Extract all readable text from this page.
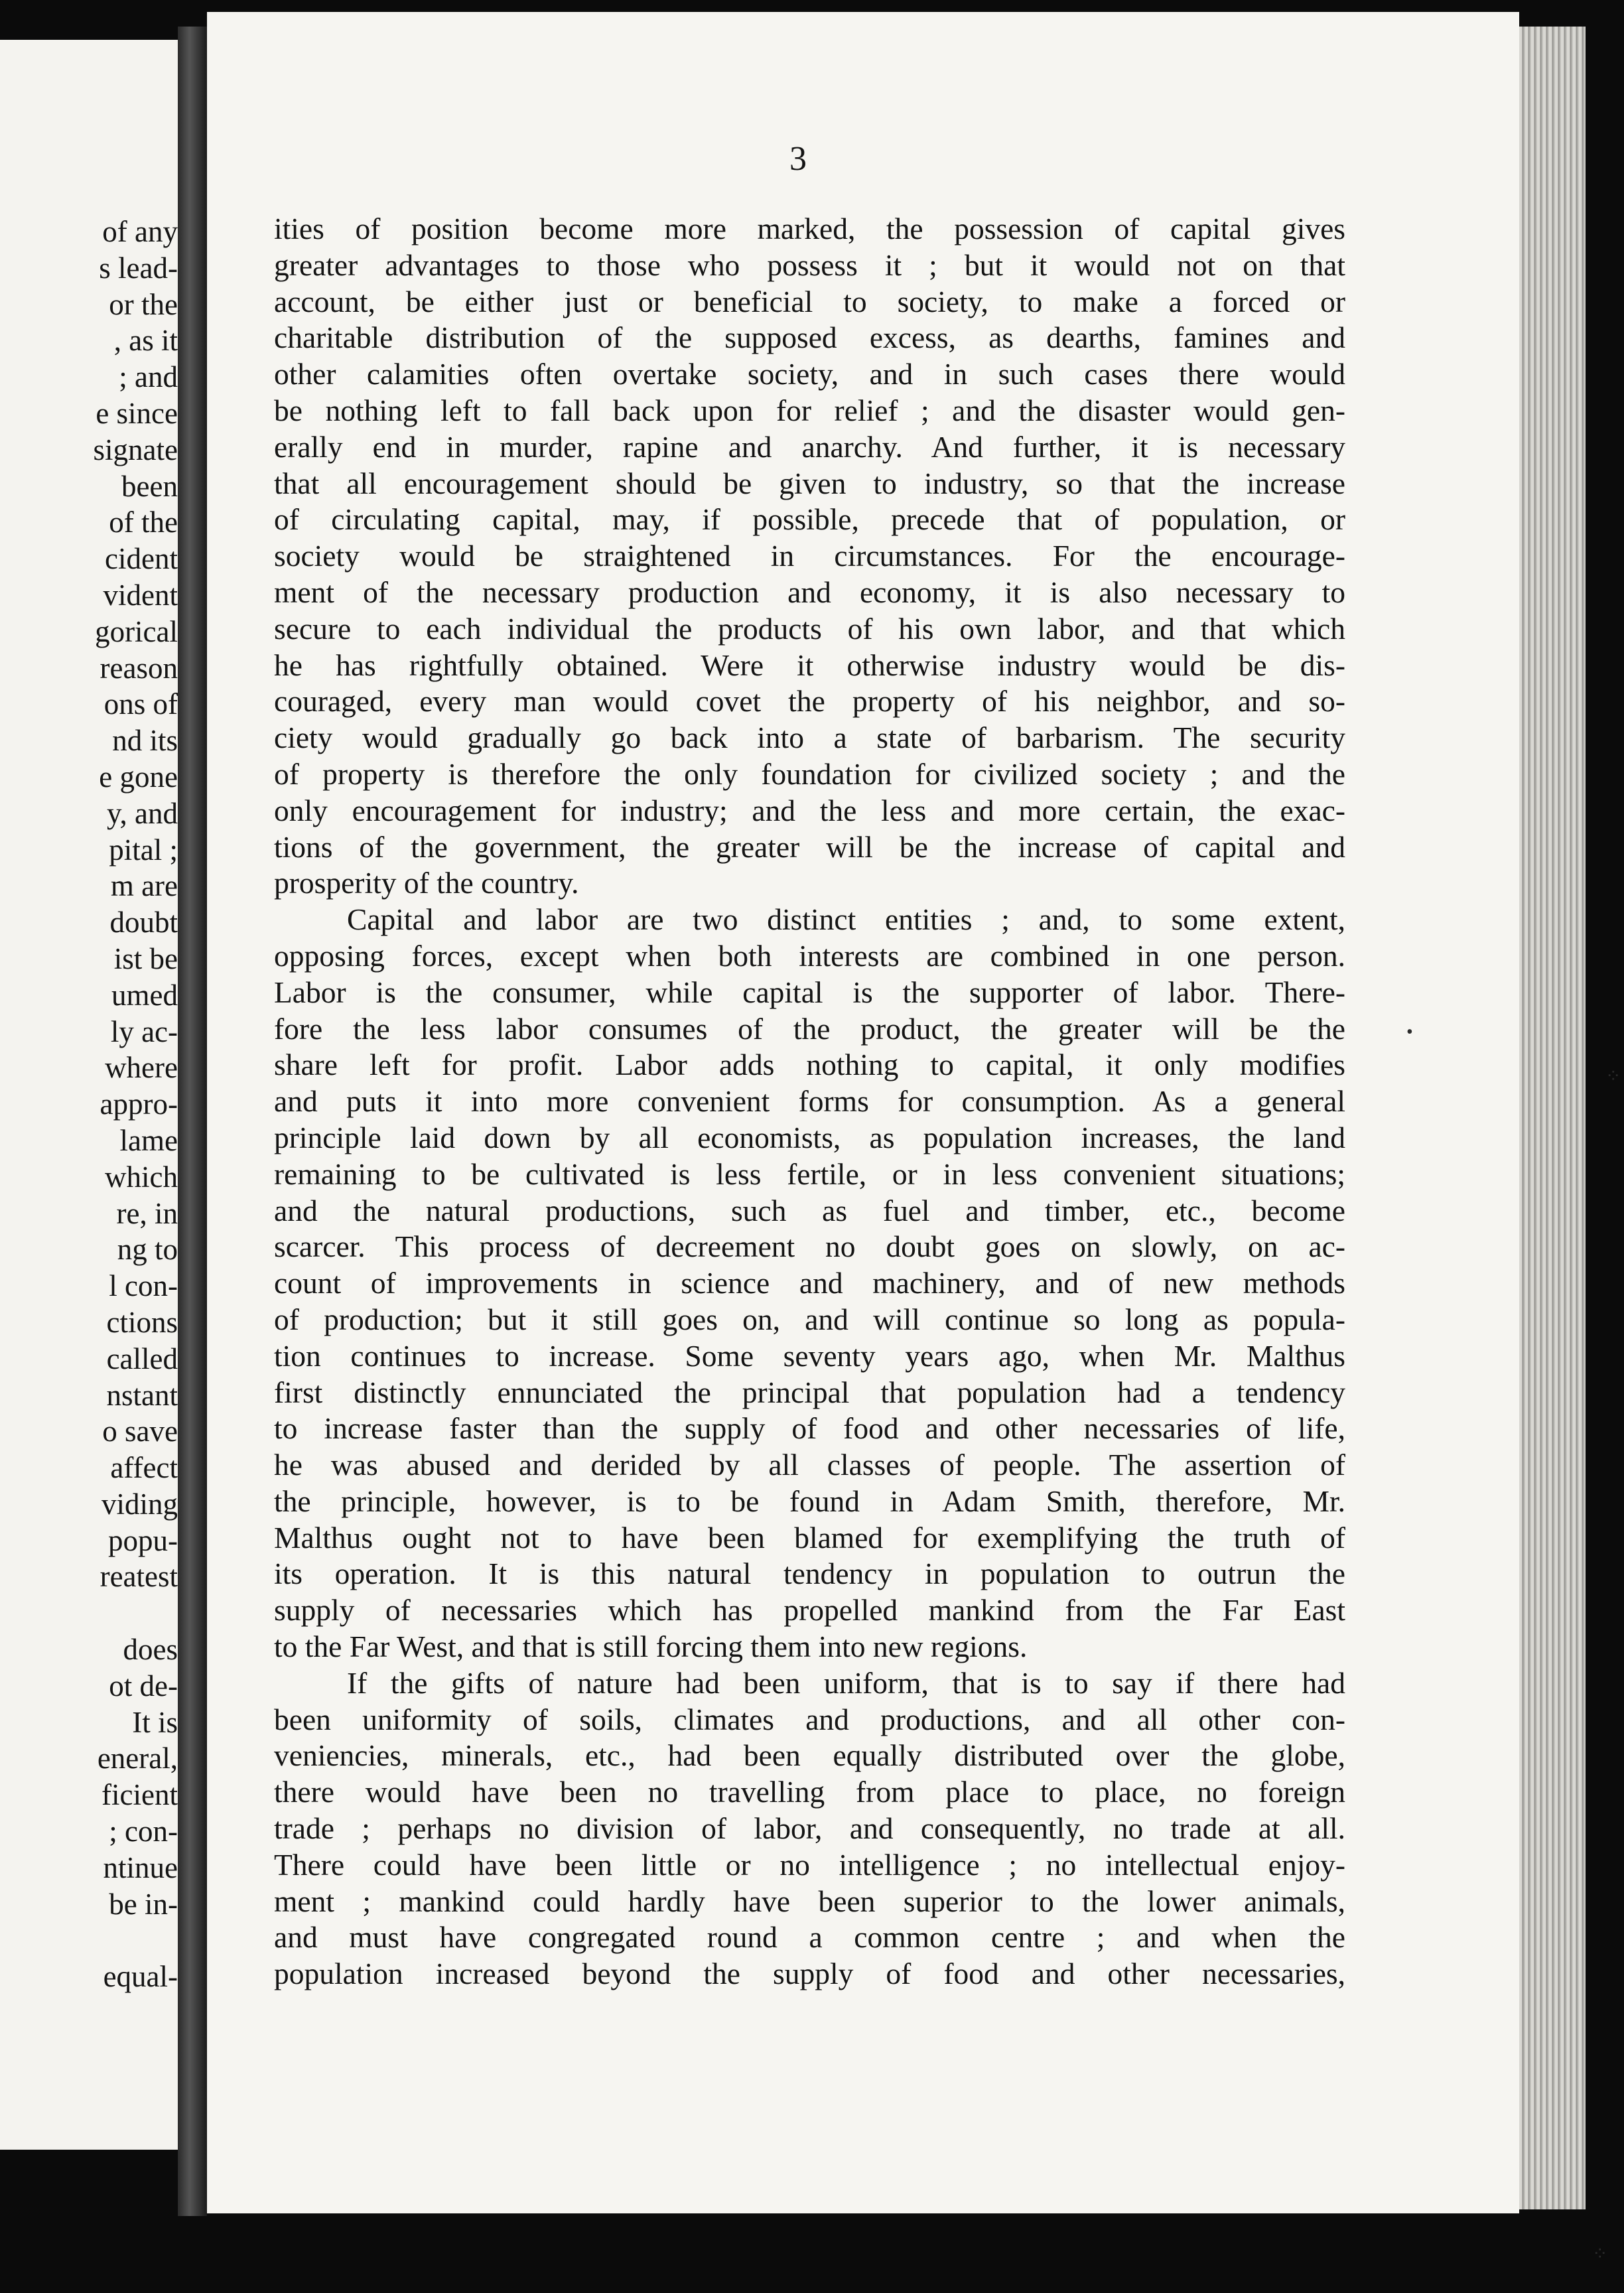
of any
s lead-
or the
, as it
; and
e since
signate
been
of the
cident
vident
gorical
reason
ons of
nd its
e gone
y, and
pital ;
m are
doubt
ist be
umed
ly ac-
where
appro-
lame
which
re, in
ng to
l con-
ctions
called
nstant
o save
affect
viding
popu-
reatest
does
ot de-
It is
eneral,
ficient
; con-
ntinue
be in-
equal-
3
ities of position become more marked, the possession of capital gives
greater advantages to those who possess it ; but it would not on that
account, be either just or beneficial to society, to make a forced or
charitable distribution of the supposed excess, as dearths, famines and
other calamities often overtake society, and in such cases there would
be nothing left to fall back upon for relief ; and the disaster would gen-
erally end in murder, rapine and anarchy. And further, it is necessary
that all encouragement should be given to industry, so that the increase
of circulating capital, may, if possible, precede that of population, or
society would be straightened in circumstances. For the encourage-
ment of the necessary production and economy, it is also necessary to
secure to each individual the products of his own labor, and that which
he has rightfully obtained. Were it otherwise industry would be dis-
couraged, every man would covet the property of his neighbor, and so-
ciety would gradually go back into a state of barbarism. The security
of property is therefore the only foundation for civilized society ; and the
only encouragement for industry; and the less and more certain, the exac-
tions of the government, the greater will be the increase of capital and
prosperity of the country.
Capital and labor are two distinct entities ; and, to some extent,
opposing forces, except when both interests are combined in one person.
Labor is the consumer, while capital is the supporter of labor. There-
fore the less labor consumes of the product, the greater will be the
share left for profit. Labor adds nothing to capital, it only modifies
and puts it into more convenient forms for consumption. As a general
principle laid down by all economists, as population increases, the land
remaining to be cultivated is less fertile, or in less convenient situations;
and the natural productions, such as fuel and timber, etc., become
scarcer. This process of decreement no doubt goes on slowly, on ac-
count of improvements in science and machinery, and of new methods
of production; but it still goes on, and will continue so long as popula-
tion continues to increase. Some seventy years ago, when Mr. Malthus
first distinctly ennunciated the principal that population had a tendency
to increase faster than the supply of food and other necessaries of life,
he was abused and derided by all classes of people. The assertion of
the principle, however, is to be found in Adam Smith, therefore, Mr.
Malthus ought not to have been blamed for exemplifying the truth of
its operation. It is this natural tendency in population to outrun the
supply of necessaries which has propelled mankind from the Far East
to the Far West, and that is still forcing them into new regions.
If the gifts of nature had been uniform, that is to say if there had
been uniformity of soils, climates and productions, and all other con-
veniencies, minerals, etc., had been equally distributed over the globe,
there would have been no travelling from place to place, no foreign
trade ; perhaps no division of labor, and consequently, no trade at all.
There could have been little or no intelligence ; no intellectual enjoy-
ment ; mankind could hardly have been superior to the lower animals,
and must have congregated round a common centre ; and when the
population increased beyond the supply of food and other necessaries,
•
⁘
⁘
